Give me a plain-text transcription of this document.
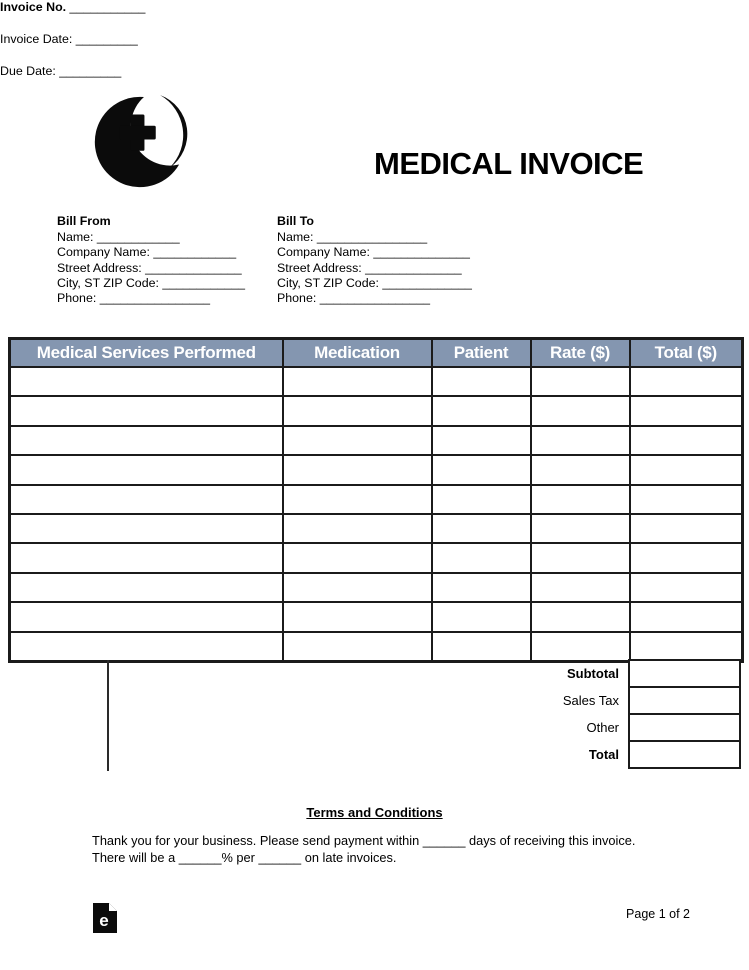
MEDICAL INVOICE
Bill From
Name: ____________
Company Name: ____________
Street Address: ______________
City, ST ZIP Code: ____________
Phone: ________________
Bill To
Name: ________________
Company Name: ______________
Street Address: ______________
City, ST ZIP Code: _____________
Phone: ________________
Invoice No. ___________
Invoice Date: _________
Due Date: _________
Medical Services Performed	Medication	Patient	Rate ($)	Total ($)

Subtotal
Sales Tax
Other
Total
Terms and Conditions
Thank you for your business. Please send payment within ______ days of receiving this invoice. There will be a ______% per ______ on late invoices.
e	Page 1 of 2
